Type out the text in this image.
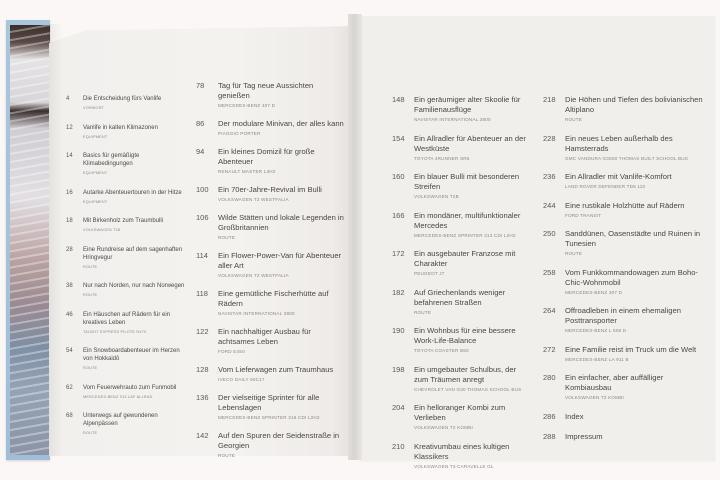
4	Die Entscheidung fürs Vanlife
VORWORT
12	Vanlife in kalten Klimazonen
EQUIPMENT
14	Basics für gemäßigte Klimabedingungen
EQUIPMENT
16	Autarke Abenteuertouren in der Hitze
EQUIPMENT
18	Mit Birkenholz zum Traumbulli
VOLKSWAGEN T28
28	Eine Rundreise auf dem sagenhaften Hringvegur
ROUTE
38	Nur nach Norden, nur nach Norwegen
ROUTE
46	Ein Häuschen auf Rädern für ein kreatives Leben
TALBOT EXPRESS PILOTE R470
54	Ein Snowboardabenteuer im Herzen von Hokkaidō
ROUTE
62	Vom Feuerwehrauto zum Funmobil
MERCEDES-BENZ 913 LAF ALLRAD
68	Unterwegs auf gewundenen Alpenpässen
ROUTE
78	Tag für Tag neue Aussichten genießen
MERCEDES-BENZ 407 D
86	Der modulare Minivan, der alles kann
PIAGGIO PORTER
94	Ein kleines Domizil für große Abenteuer
RENAULT MASTER L3H2
100	Ein 70er-Jahre-Revival im Bulli
VOLKSWAGEN T2 WESTFALIA
106	Wilde Stätten und lokale Legenden in Großbritannien
ROUTE
114	Ein Flower-Power-Van für Abenteuer aller Art
VOLKSWAGEN T2 WESTFALIA
118	Eine gemütliche Fischerhütte auf Rädern
NAVISTAR INTERNATIONAL 3800
122	Ein nachhaltiger Ausbau für achtsames Leben
FORD E450
128	Vom Lieferwagen zum Traumhaus
IVECO DAILY 50C17
136	Der vielseitige Sprinter für alle Lebenslagen
MERCEDES-BENZ SPRINTER 316 CDI L2H2
142	Auf den Spuren der Seidenstraße in Georgien
ROUTE
148	Ein geräumiger alter Skoolie für Familienausflüge
NAVISTAR INTERNATIONAL 3800
154	Ein Allradler für Abenteuer an der Westküste
TOYOTA 4RUNNER SR5
160	Ein blauer Bulli mit besonderen Streifen
VOLKSWAGEN T2B
166	Ein mondäner, multifunktionaler Mercedes
MERCEDES-BENZ SPRINTER 313 CDI L2H2
172	Ein ausgebauter Franzose mit Charakter
PEUGEOT J7
182	Auf Griechenlands weniger befahrenen Straßen
ROUTE
190	Ein Wohnbus für eine bessere Work-Life-Balance
TOYOTA COASTER B50
198	Ein umgebauter Schulbus, der zum Träumen anregt
CHEVROLET VAN G30 THOMAS SCHOOL BUS
204	Ein helloranger Kombi zum Verlieben
VOLKSWAGEN T2 KOMBI
210	Kreativumbau eines kultigen Klassikers
VOLKSWAGEN T3 CARAVELLE GL
218	Die Höhen und Tiefen des bolivianischen Altiplano
ROUTE
228	Ein neues Leben außerhalb des Hamsterrads
GMC VANDURA G3500 THOMAS BUILT SCHOOL BUS
236	Ein Allradler mit Vanlife-Komfort
LAND ROVER DEFENDER TD5 110
244	Eine rustikale Holzhütte auf Rädern
FORD TRANSIT
250	Sanddünen, Oasenstädte und Ruinen in Tunesien
ROUTE
258	Vom Funkkommandowagen zum Boho-Chic-Wohnmobil
MERCEDES-BENZ 307 D
264	Offroadleben in einem ehemaligen Posttransporter
MERCEDES-BENZ L 508 D
272	Eine Familie reist im Truck um die Welt
MERCEDES-BENZ LA 911 B
280	Ein einfacher, aber auffälliger Kombiausbau
VOLKSWAGEN T2 KOMBI
286	Index
288	Impressum
